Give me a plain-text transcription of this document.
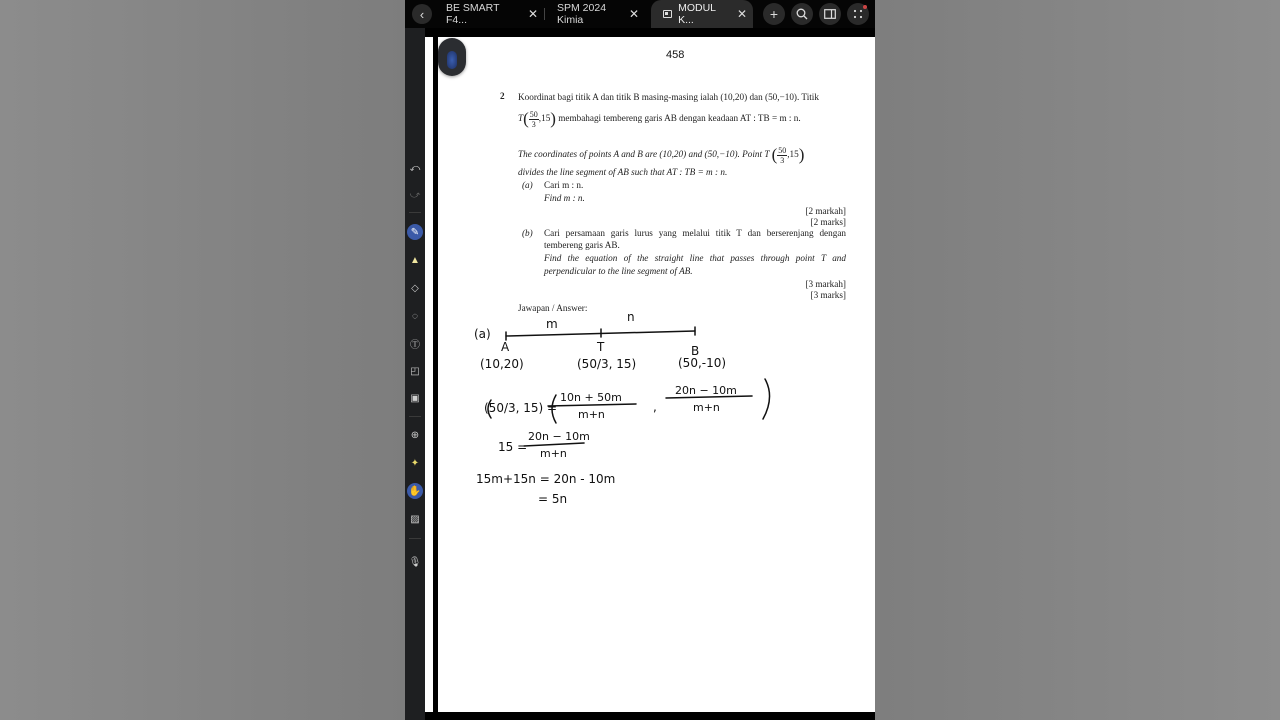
‹ BE SMART F4...	✕ SPM 2024 Kimia	✕	MODUL K...	✕ +
⤺
⤻
✎
▲
◇
◌
Ⓣ
◰
▣
⊕
✦
✋
▨
🎙
458
2 Koordinat bagi titik A dan titik B masing-masing ialah (10,20) dan (50,−10). Titik
$T( \frac{50}{3},15)$ membahagi tembereng garis AB dengan keadaan AT : TB = m : n.
The coordinates of points A and B are (10,20) and (50,−10). Point T ( $\frac{50}{3},15$)
divides the line segment of AB such that AT : TB = m : n.
(a) Cari m : n.
Find m : n.
[2 markah]
[2 marks]
(b) Cari persamaan garis lurus yang melalui titik T dan berserenjang dengan
tembereng garis AB.
Find the equation of the straight line that passes through point T and
perpendicular to the line segment of AB.
[3 markah]
[3 marks]
Jawapan / Answer:
(a)
m	n
A	T	B
(10,20)	(50/3, 15)	(50,-10)
(50/3, 15) =
10n + 50m
m+n
20n − 10m
m+n
,
15 =
20n − 10m
m+n
15m+15n = 20n - 10m
= 5n
